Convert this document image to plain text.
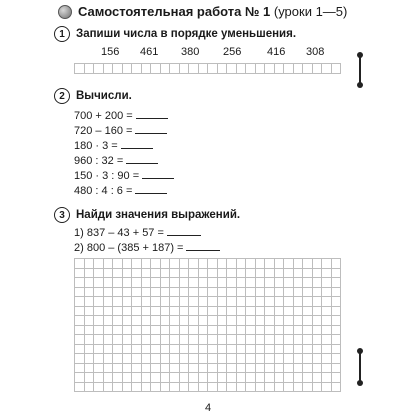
Самостоятельная работа № 1 (уроки 1—5)
1 Запиши числа в порядке уменьшения.
156 461 380 256 416 308
2 Вычисли.
700 + 200 =
720 – 160 =
180 · 3 =
960 : 32 =
150 · 3 : 90 =
480 : 4 : 6 =
3 Найди значения выражений.
1) 837 – 43 + 57 =
2) 800 – (385 + 187) =
4
